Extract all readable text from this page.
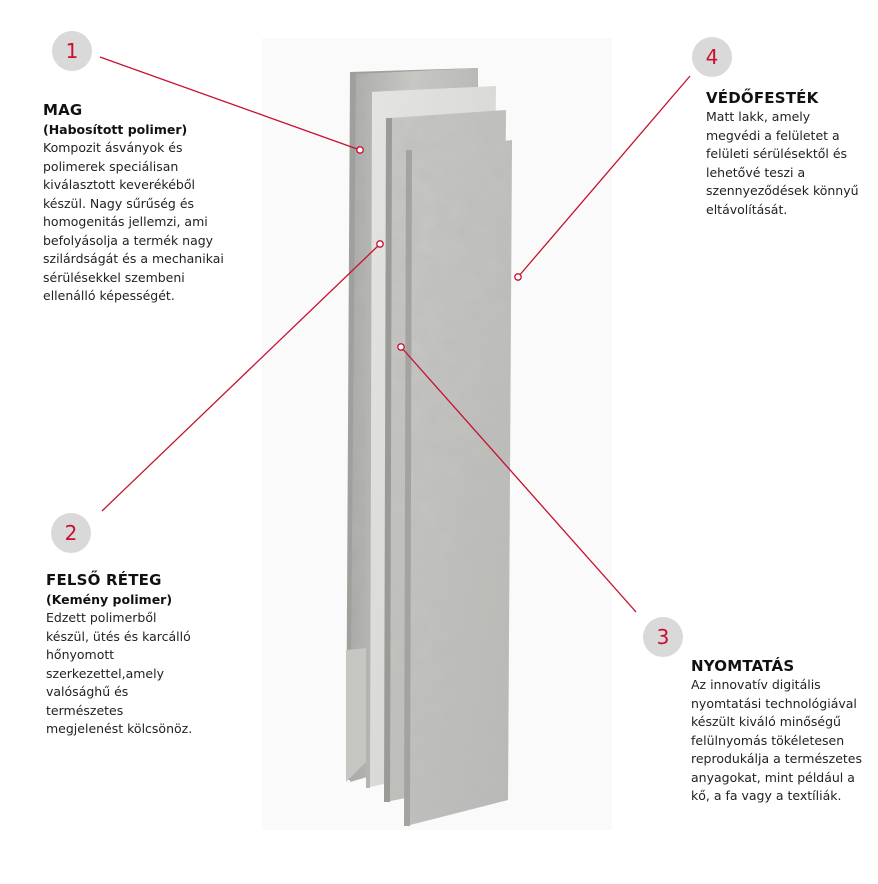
1
2
3
4
MAG
(Habosított polimer)
Kompozit ásványok és
polimerek speciálisan
kiválasztott keverékéből
készül. Nagy sűrűség és
homogenitás jellemzi, ami
befolyásolja a termék nagy
szilárdságát és a mechanikai
sérülésekkel szembeni
ellenálló képességét.
FELSŐ RÉTEG
(Kemény polimer)
Edzett polimerből
készül, ütés és karcálló
hőnyomott
szerkezettel,amely
valósághű és
természetes
megjelenést kölcsönöz.
NYOMTATÁS
Az innovatív digitális
nyomtatási technológiával
készült kiváló minőségű
felülnyomás tökéletesen
reprodukálja a természetes
anyagokat, mint például a
kő, a fa vagy a textíliák.
VÉDŐFESTÉK
Matt lakk, amely
megvédi a felületet a
felületi sérülésektől és
lehetővé teszi a
szennyeződések könnyű
eltávolítását.
